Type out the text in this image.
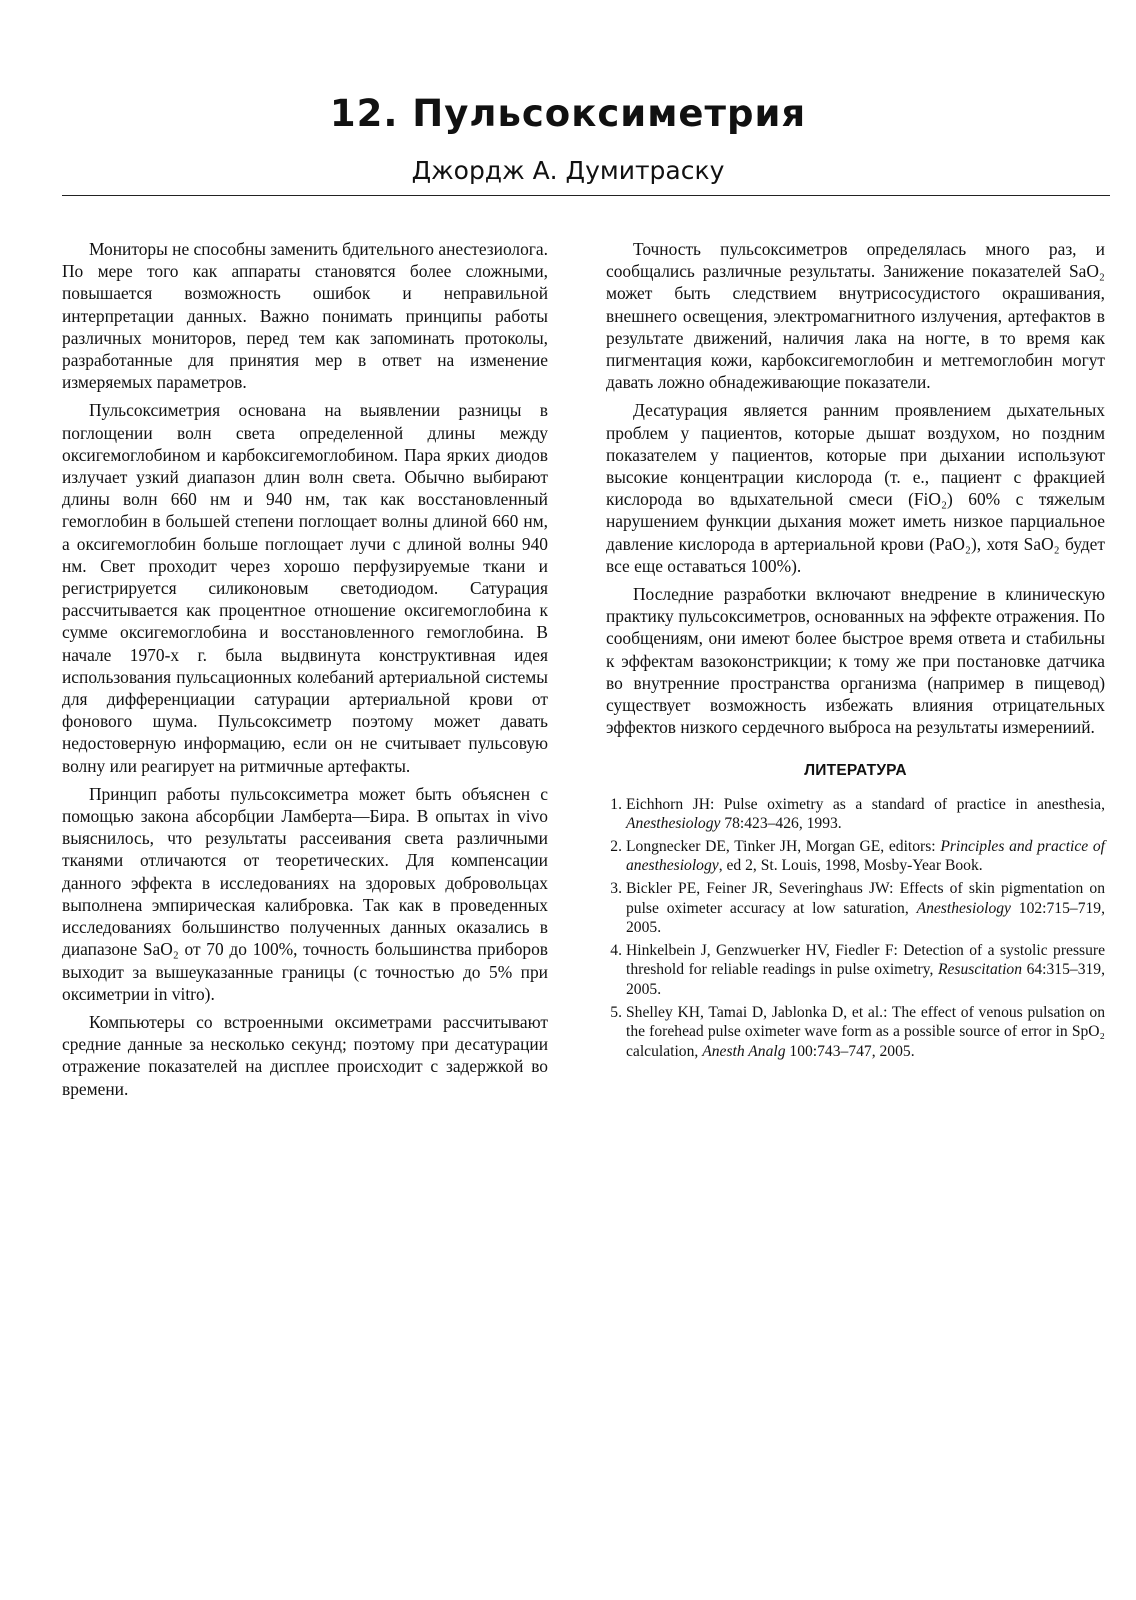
12. Пульсоксиметрия
Джордж А. Думитраску

Мониторы не способны заменить бдительного анестезиолога. По мере того как аппараты становятся более сложными, повышается возможность ошибок и неправильной интерпретации данных. Важно понимать принципы работы различных мониторов, перед тем как запоминать протоколы, разработанные для принятия мер в ответ на изменение измеряемых параметров.

Пульсоксиметрия основана на выявлении разницы в поглощении волн света определенной длины между оксигемоглобином и карбоксигемоглобином. Пара ярких диодов излучает узкий диапазон длин волн света. Обычно выбирают длины волн 660 нм и 940 нм, так как восстановленный гемоглобин в большей степени поглощает волны длиной 660 нм, а оксигемоглобин больше поглощает лучи с длиной волны 940 нм. Свет проходит через хорошо перфузируемые ткани и регистрируется силиконовым светодиодом. Сатурация рассчитывается как процентное отношение оксигемоглобина к сумме оксигемоглобина и восстановленного гемоглобина. В начале 1970-х г. была выдвинута конструктивная идея использования пульсационных колебаний артериальной системы для дифференциации сатурации артериальной крови от фонового шума. Пульсоксиметр поэтому может давать недостоверную информацию, если он не считывает пульсовую волну или реагирует на ритмичные артефакты.

Принцип работы пульсоксиметра может быть объяснен с помощью закона абсорбции Ламберта—Бира. В опытах in vivo выяснилось, что результаты рассеивания света различными тканями отличаются от теоретических. Для компенсации данного эффекта в исследованиях на здоровых добровольцах выполнена эмпирическая калибровка. Так как в проведенных исследованиях большинство полученных данных оказались в диапазоне SaO₂ от 70 до 100%, точность большинства приборов выходит за вышеуказанные границы (с точностью до 5% при оксиметрии in vitro).

Компьютеры со встроенными оксиметрами рассчитывают средние данные за несколько секунд; поэтому при десатурации отражение показателей на дисплее происходит с задержкой во времени.

Точность пульсоксиметров определялась много раз, и сообщались различные результаты. Занижение показателей SaO₂ может быть следствием внутрисосудистого окрашивания, внешнего освещения, электромагнитного излучения, артефактов в результате движений, наличия лака на ногте, в то время как пигментация кожи, карбоксигемоглобин и метгемоглобин могут давать ложно обнадеживающие показатели.

Десатурация является ранним проявлением дыхательных проблем у пациентов, которые дышат воздухом, но поздним показателем у пациентов, которые при дыхании используют высокие концентрации кислорода (т. е., пациент с фракцией кислорода во вдыхательной смеси (FiO₂) 60% с тяжелым нарушением функции дыхания может иметь низкое парциальное давление кислорода в артериальной крови (PaO₂), хотя SaO₂ будет все еще оставаться 100%).

Последние разработки включают внедрение в клиническую практику пульсоксиметров, основанных на эффекте отражения. По сообщениям, они имеют более быстрое время ответа и стабильны к эффектам вазоконстрикции; к тому же при постановке датчика во внутренние пространства организма (например в пищевод) существует возможность избежать влияния отрицательных эффектов низкого сердечного выброса на результаты измерениий.

ЛИТЕРАТУРА
1. Eichhorn JH: Pulse oximetry as a standard of practice in anesthesia, Anesthesiology 78:423–426, 1993.
2. Longnecker DE, Tinker JH, Morgan GE, editors: Principles and practice of anesthesiology, ed 2, St. Louis, 1998, Mosby-Year Book.
3. Bickler PE, Feiner JR, Severinghaus JW: Effects of skin pigmentation on pulse oximeter accuracy at low saturation, Anesthesiology 102:715–719, 2005.
4. Hinkelbein J, Genzwuerker HV, Fiedler F: Detection of a systolic pressure threshold for reliable readings in pulse oximetry, Resuscitation 64:315–319, 2005.
5. Shelley KH, Tamai D, Jablonka D, et al.: The effect of venous pulsation on the forehead pulse oximeter wave form as a possible source of error in SpO₂ calculation, Anesth Analg 100:743–747, 2005.
